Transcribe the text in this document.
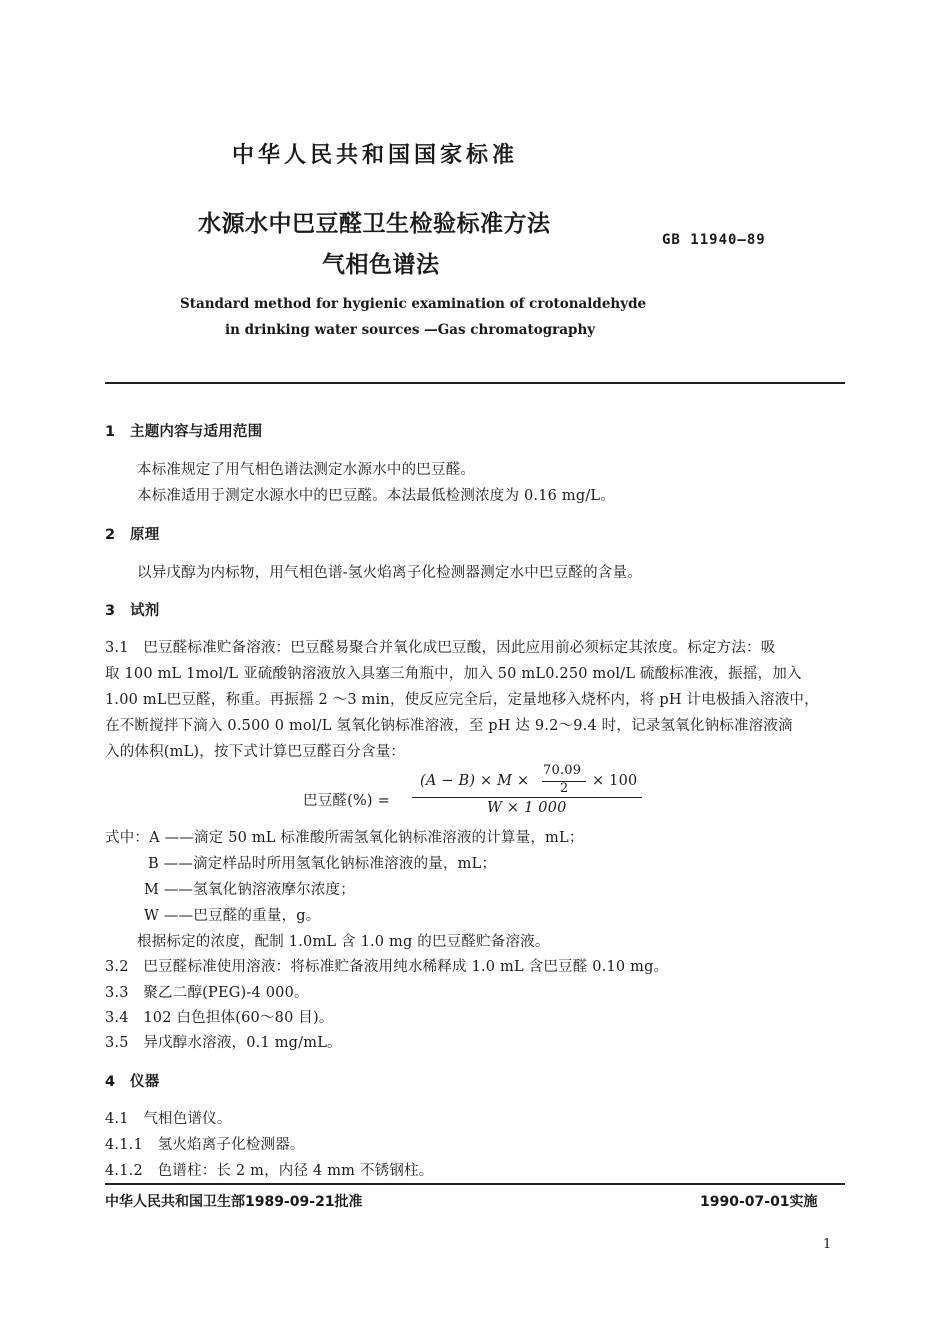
中华人民共和国国家标准
水源水中巴豆醛卫生检验标准方法
气相色谱法
GB 11940—89
Standard method for hygienic examination of crotonaldehyde
in drinking water sources —Gas chromatography
1　主题内容与适用范围
本标准规定了用气相色谱法测定水源水中的巴豆醛。
本标准适用于测定水源水中的巴豆醛。本法最低检测浓度为 0.16 mg/L。
2　原理
以异戊醇为内标物，用气相色谱-氢火焰离子化检测器测定水中巴豆醛的含量。
3　试剂
3.1　巴豆醛标准贮备溶液：巴豆醛易聚合并氧化成巴豆酸，因此应用前必须标定其浓度。标定方法：吸
取 100 mL 1mol/L 亚硫酸钠溶液放入具塞三角瓶中，加入 50 mL0.250 mol/L 硫酸标准液，振摇，加入
1.00 mL巴豆醛，称重。再振摇 2 ～3 min，使反应完全后，定量地移入烧杯内，将 pH 计电极插入溶液中，
在不断搅拌下滴入 0.500 0 mol/L 氢氧化钠标准溶液，至 pH 达 9.2～9.4 时，记录氢氧化钠标准溶液滴
入的体积(mL)，按下式计算巴豆醛百分含量：
巴豆醛(%) =
(A − B) × M ×
70.09
2 × 100
W × 1 000
式中：A ——滴定 50 mL 标准酸所需氢氧化钠标准溶液的计算量，mL；
B ——滴定样品时所用氢氧化钠标准溶液的量，mL；
M ——氢氧化钠溶液摩尔浓度；
W ——巴豆醛的重量，g。
根据标定的浓度，配制 1.0mL 含 1.0 mg 的巴豆醛贮备溶液。
3.2　巴豆醛标准使用溶液：将标准贮备液用纯水稀释成 1.0 mL 含巴豆醛 0.10 mg。
3.3　聚乙二醇(PEG)-4 000。
3.4　102 白色担体(60～80 目)。
3.5　异戊醇水溶液，0.1 mg/mL。
4　仪器
4.1　气相色谱仪。
4.1.1　氢火焰离子化检测器。
4.1.2　色谱柱：长 2 m，内径 4 mm 不锈钢柱。
中华人民共和国卫生部1989-09-21批准	1990-07-01实施
1
